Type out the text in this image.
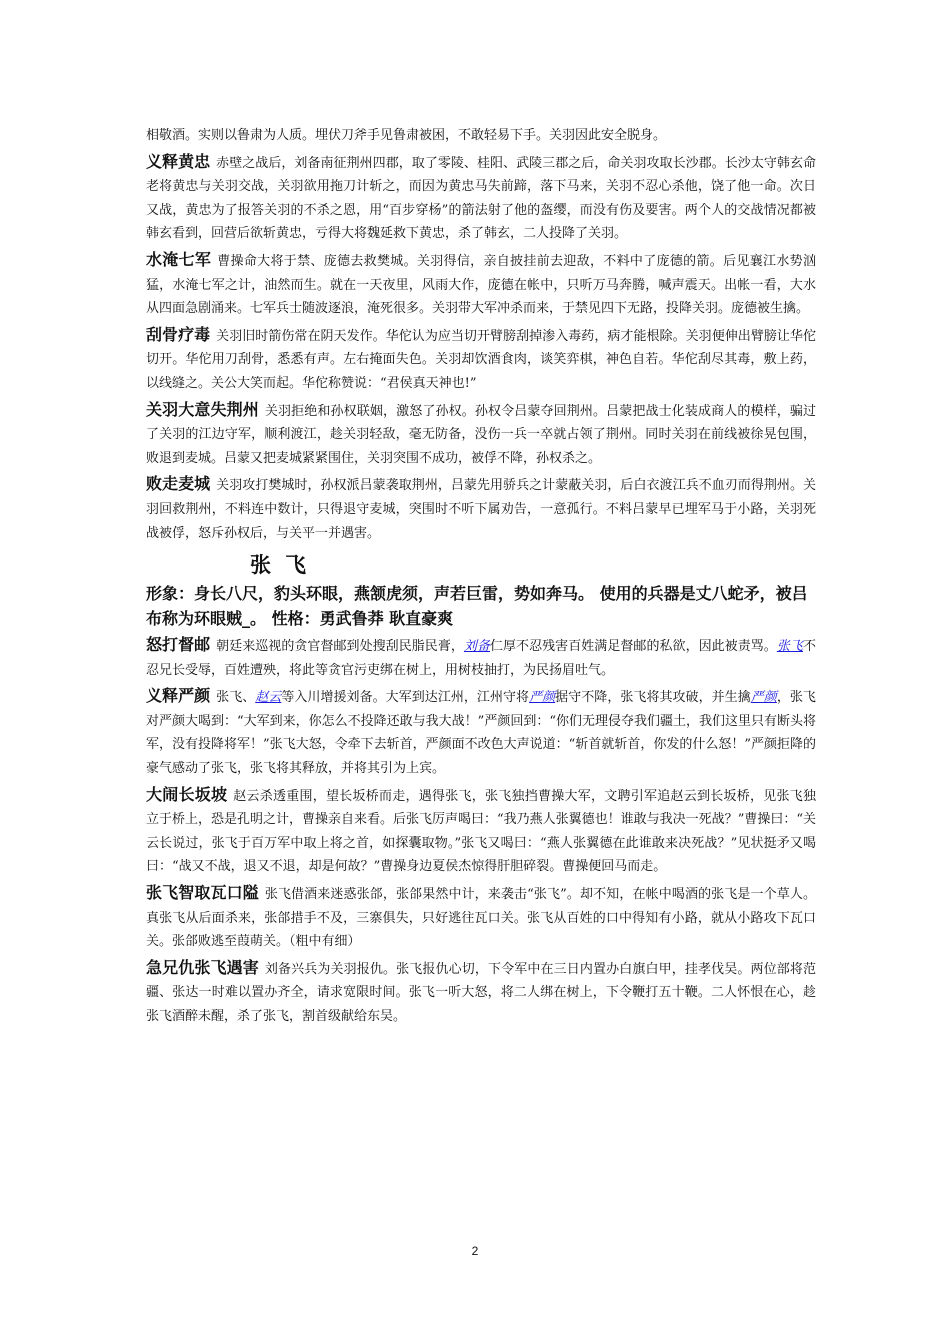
相敬酒。实则以鲁肃为人质。埋伏刀斧手见鲁肃被困，不敢轻易下手。关羽因此安全脱身。

义释黄忠 赤壁之战后，刘备南征荆州四郡，取了零陵、桂阳、武陵三郡之后，命关羽攻取长沙郡。长沙太守韩玄命老将黄忠与关羽交战，关羽欲用拖刀计斩之，而因为黄忠马失前蹄，落下马来，关羽不忍心杀他，饶了他一命。次日又战，黄忠为了报答关羽的不杀之恩，用“百步穿杨”的箭法射了他的盔缨，而没有伤及要害。两个人的交战情况都被韩玄看到，回营后欲斩黄忠，亏得大将魏延救下黄忠，杀了韩玄，二人投降了关羽。

水淹七军 曹操命大将于禁、庞德去救樊城。关羽得信，亲自披挂前去迎敌，不料中了庞德的箭。后见襄江水势汹猛，水淹七军之计，油然而生。就在一天夜里，风雨大作，庞德在帐中，只听万马奔腾，喊声震天。出帐一看，大水从四面急剧涌来。七军兵士随波逐浪，淹死很多。关羽带大军冲杀而来，于禁见四下无路，投降关羽。庞德被生擒。

刮骨疗毒 关羽旧时箭伤常在阴天发作。华佗认为应当切开臂膀刮掉渗入毒药，病才能根除。关羽便伸出臂膀让华佗切开。华佗用刀刮骨，悉悉有声。左右掩面失色。关羽却饮酒食肉，谈笑弈棋，神色自若。华佗刮尽其毒，敷上药，以线缝之。关公大笑而起。华佗称赞说：“君侯真天神也!”

关羽大意失荆州 关羽拒绝和孙权联姻，激怒了孙权。孙权令吕蒙夺回荆州。吕蒙把战士化装成商人的模样，骗过了关羽的江边守军，顺利渡江，趁关羽轻敌，毫无防备，没伤一兵一卒就占领了荆州。同时关羽在前线被徐晃包围，败退到麦城。吕蒙又把麦城紧紧围住，关羽突围不成功，被俘不降，孙权杀之。

败走麦城 关羽攻打樊城时，孙权派吕蒙袭取荆州，吕蒙先用骄兵之计蒙蔽关羽，后白衣渡江兵不血刃而得荆州。关羽回救荆州，不料连中数计，只得退守麦城，突围时不听下属劝告，一意孤行。不料吕蒙早已埋军马于小路，关羽死战被俘，怒斥孙权后，与关平一并遇害。

张飞

形象：身长八尺，豹头环眼，燕颔虎须，声若巨雷，势如奔马。 使用的兵器是丈八蛇矛，被吕布称为环眼贼_。 性格：勇武鲁莽 耿直豪爽

怒打督邮 朝廷来巡视的贪官督邮到处搜刮民脂民膏，刘备仁厚不忍残害百姓满足督邮的私欲，因此被责骂。张飞不忍兄长受辱，百姓遭殃，将此等贪官污吏绑在树上，用树枝抽打，为民扬眉吐气。

义释严颜 张飞、赵云等入川增援刘备。大军到达江州，江州守将严颜据守不降，张飞将其攻破，并生擒严颜，张飞对严颜大喝到：“大军到来，你怎么不投降还敢与我大战！”严颜回到：“你们无理侵夺我们疆土，我们这里只有断头将军，没有投降将军！”张飞大怒，令牵下去斩首，严颜面不改色大声说道：“斩首就斩首，你发的什么怒！”严颜拒降的豪气感动了张飞，张飞将其释放，并将其引为上宾。

大闹长坂坡 赵云杀透重围，望长坂桥而走，遇得张飞，张飞独挡曹操大军，文聘引军追赵云到长坂桥，见张飞独立于桥上，恐是孔明之计，曹操亲自来看。后张飞厉声喝曰：“我乃燕人张翼德也！谁敢与我决一死战？”曹操曰：“关云长说过，张飞于百万军中取上将之首，如探囊取物。”张飞又喝曰：“燕人张翼德在此谁敢来决死战？”见状挺矛又喝曰：“战又不战，退又不退，却是何故？”曹操身边夏侯杰惊得肝胆碎裂。曹操便回马而走。

张飞智取瓦口隘 张飞借酒来迷惑张郃，张郃果然中计，来袭击“张飞”。却不知，在帐中喝酒的张飞是一个草人。真张飞从后面杀来，张郃措手不及，三寨俱失，只好逃往瓦口关。张飞从百姓的口中得知有小路，就从小路攻下瓦口关。张郃败逃至葭萌关。（粗中有细）

急兄仇张飞遇害 刘备兴兵为关羽报仇。张飞报仇心切，下令军中在三日内置办白旗白甲，挂孝伐吴。两位部将范疆、张达一时难以置办齐全，请求宽限时间。张飞一听大怒，将二人绑在树上，下令鞭打五十鞭。二人怀恨在心，趁张飞酒醉未醒，杀了张飞，割首级献给东吴。

2
